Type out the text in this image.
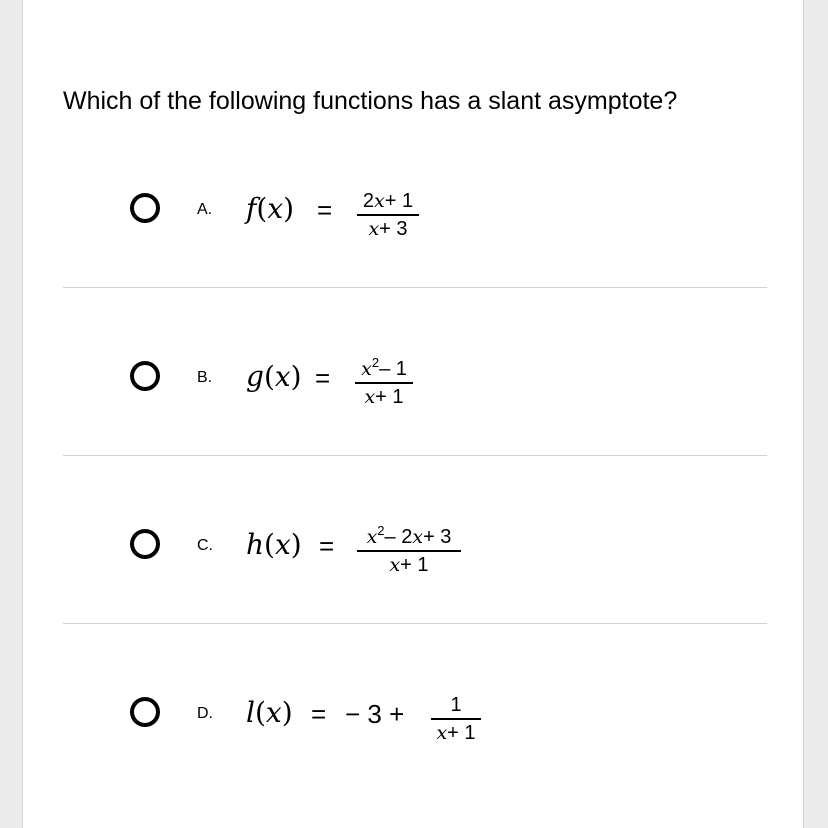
Which of the following functions has a slant asymptote?
A. f(x) = 2x+ 1
x+ 3
B. g(x) =	$x^2-$ 1
x+ 1
C. h(x) =	$x^2-$ 2x+ 3
x+ 1
D. l(x) = − 3 +	1
x+ 1
